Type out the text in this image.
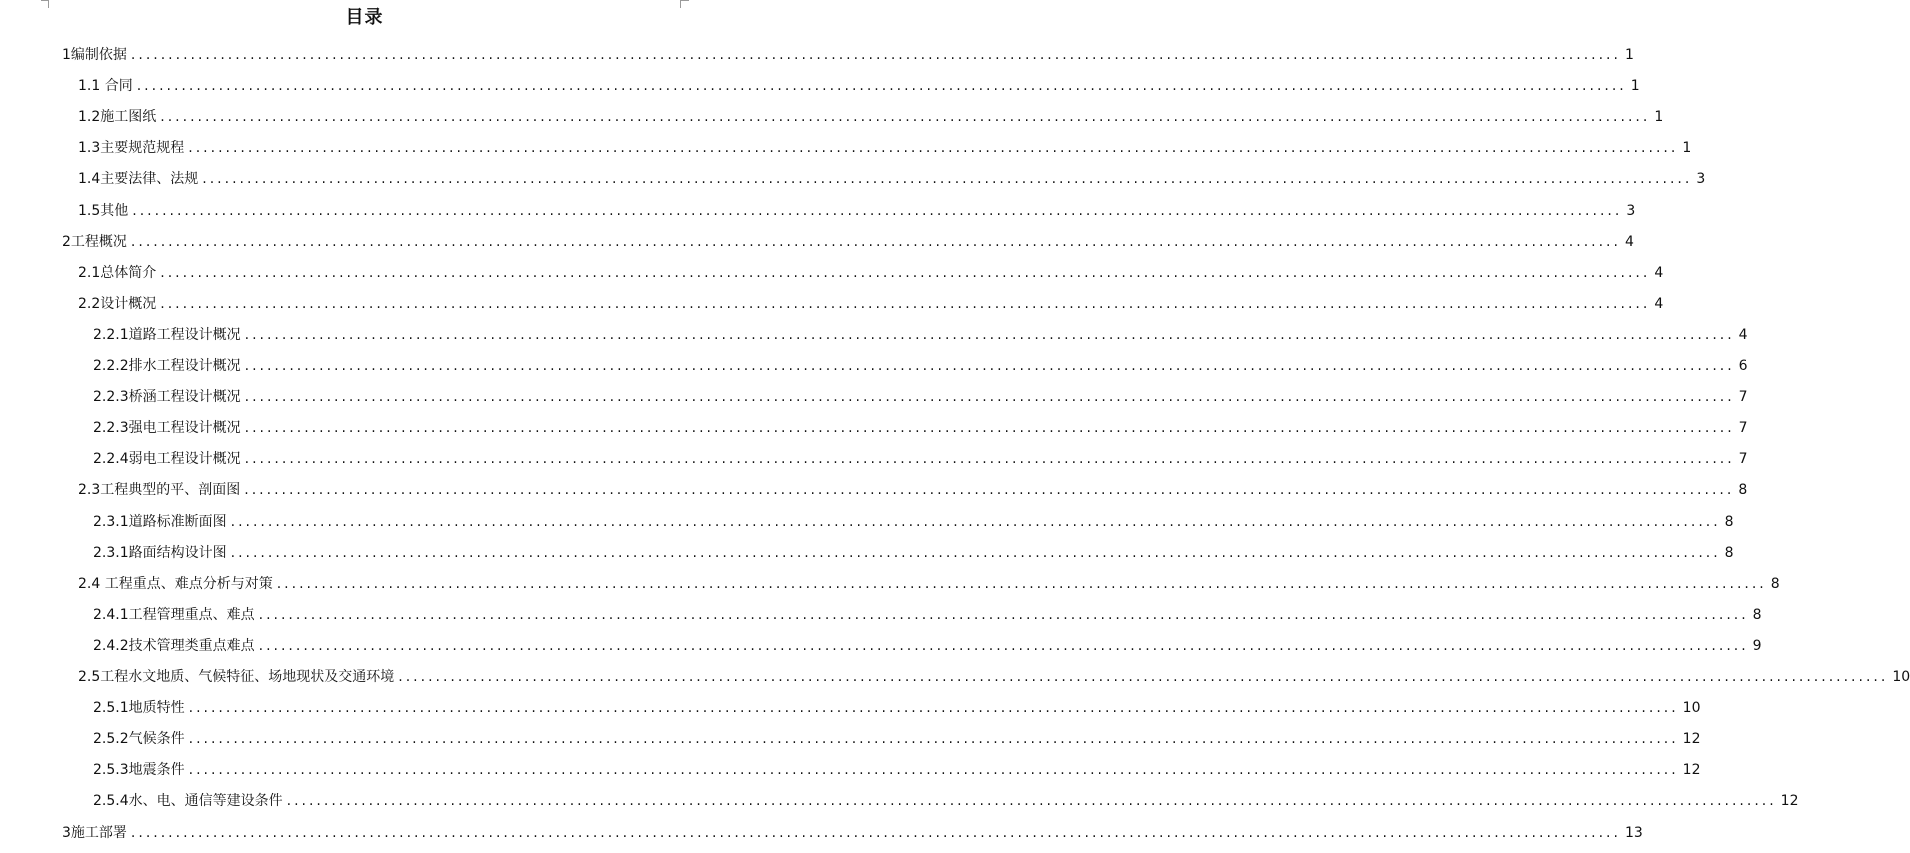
目录
1编制依据 ........................................................................................................................................................................................................ 1
1.1 合同 ........................................................................................................................................................................................................ 1
1.2施工图纸 ........................................................................................................................................................................................................ 1
1.3主要规范规程 ........................................................................................................................................................................................................ 1
1.4主要法律、法规 ........................................................................................................................................................................................................ 3
1.5其他 ........................................................................................................................................................................................................ 3
2工程概况 ........................................................................................................................................................................................................ 4
2.1总体简介 ........................................................................................................................................................................................................ 4
2.2设计概况 ........................................................................................................................................................................................................ 4
2.2.1道路工程设计概况 ........................................................................................................................................................................................................ 4
2.2.2排水工程设计概况 ........................................................................................................................................................................................................ 6
2.2.3桥涵工程设计概况 ........................................................................................................................................................................................................ 7
2.2.3强电工程设计概况 ........................................................................................................................................................................................................ 7
2.2.4弱电工程设计概况 ........................................................................................................................................................................................................ 7
2.3工程典型的平、剖面图 ........................................................................................................................................................................................................ 8
2.3.1道路标准断面图 ........................................................................................................................................................................................................ 8
2.3.1路面结构设计图 ........................................................................................................................................................................................................ 8
2.4 工程重点、难点分析与对策 ........................................................................................................................................................................................................ 8
2.4.1工程管理重点、难点 ........................................................................................................................................................................................................ 8
2.4.2技术管理类重点难点 ........................................................................................................................................................................................................ 9
2.5工程水文地质、气候特征、场地现状及交通环境 ........................................................................................................................................................................................................ 10
2.5.1地质特性 ........................................................................................................................................................................................................ 10
2.5.2气候条件 ........................................................................................................................................................................................................ 12
2.5.3地震条件 ........................................................................................................................................................................................................ 12
2.5.4水、电、通信等建设条件 ........................................................................................................................................................................................................ 12
3施工部署 ........................................................................................................................................................................................................ 13
